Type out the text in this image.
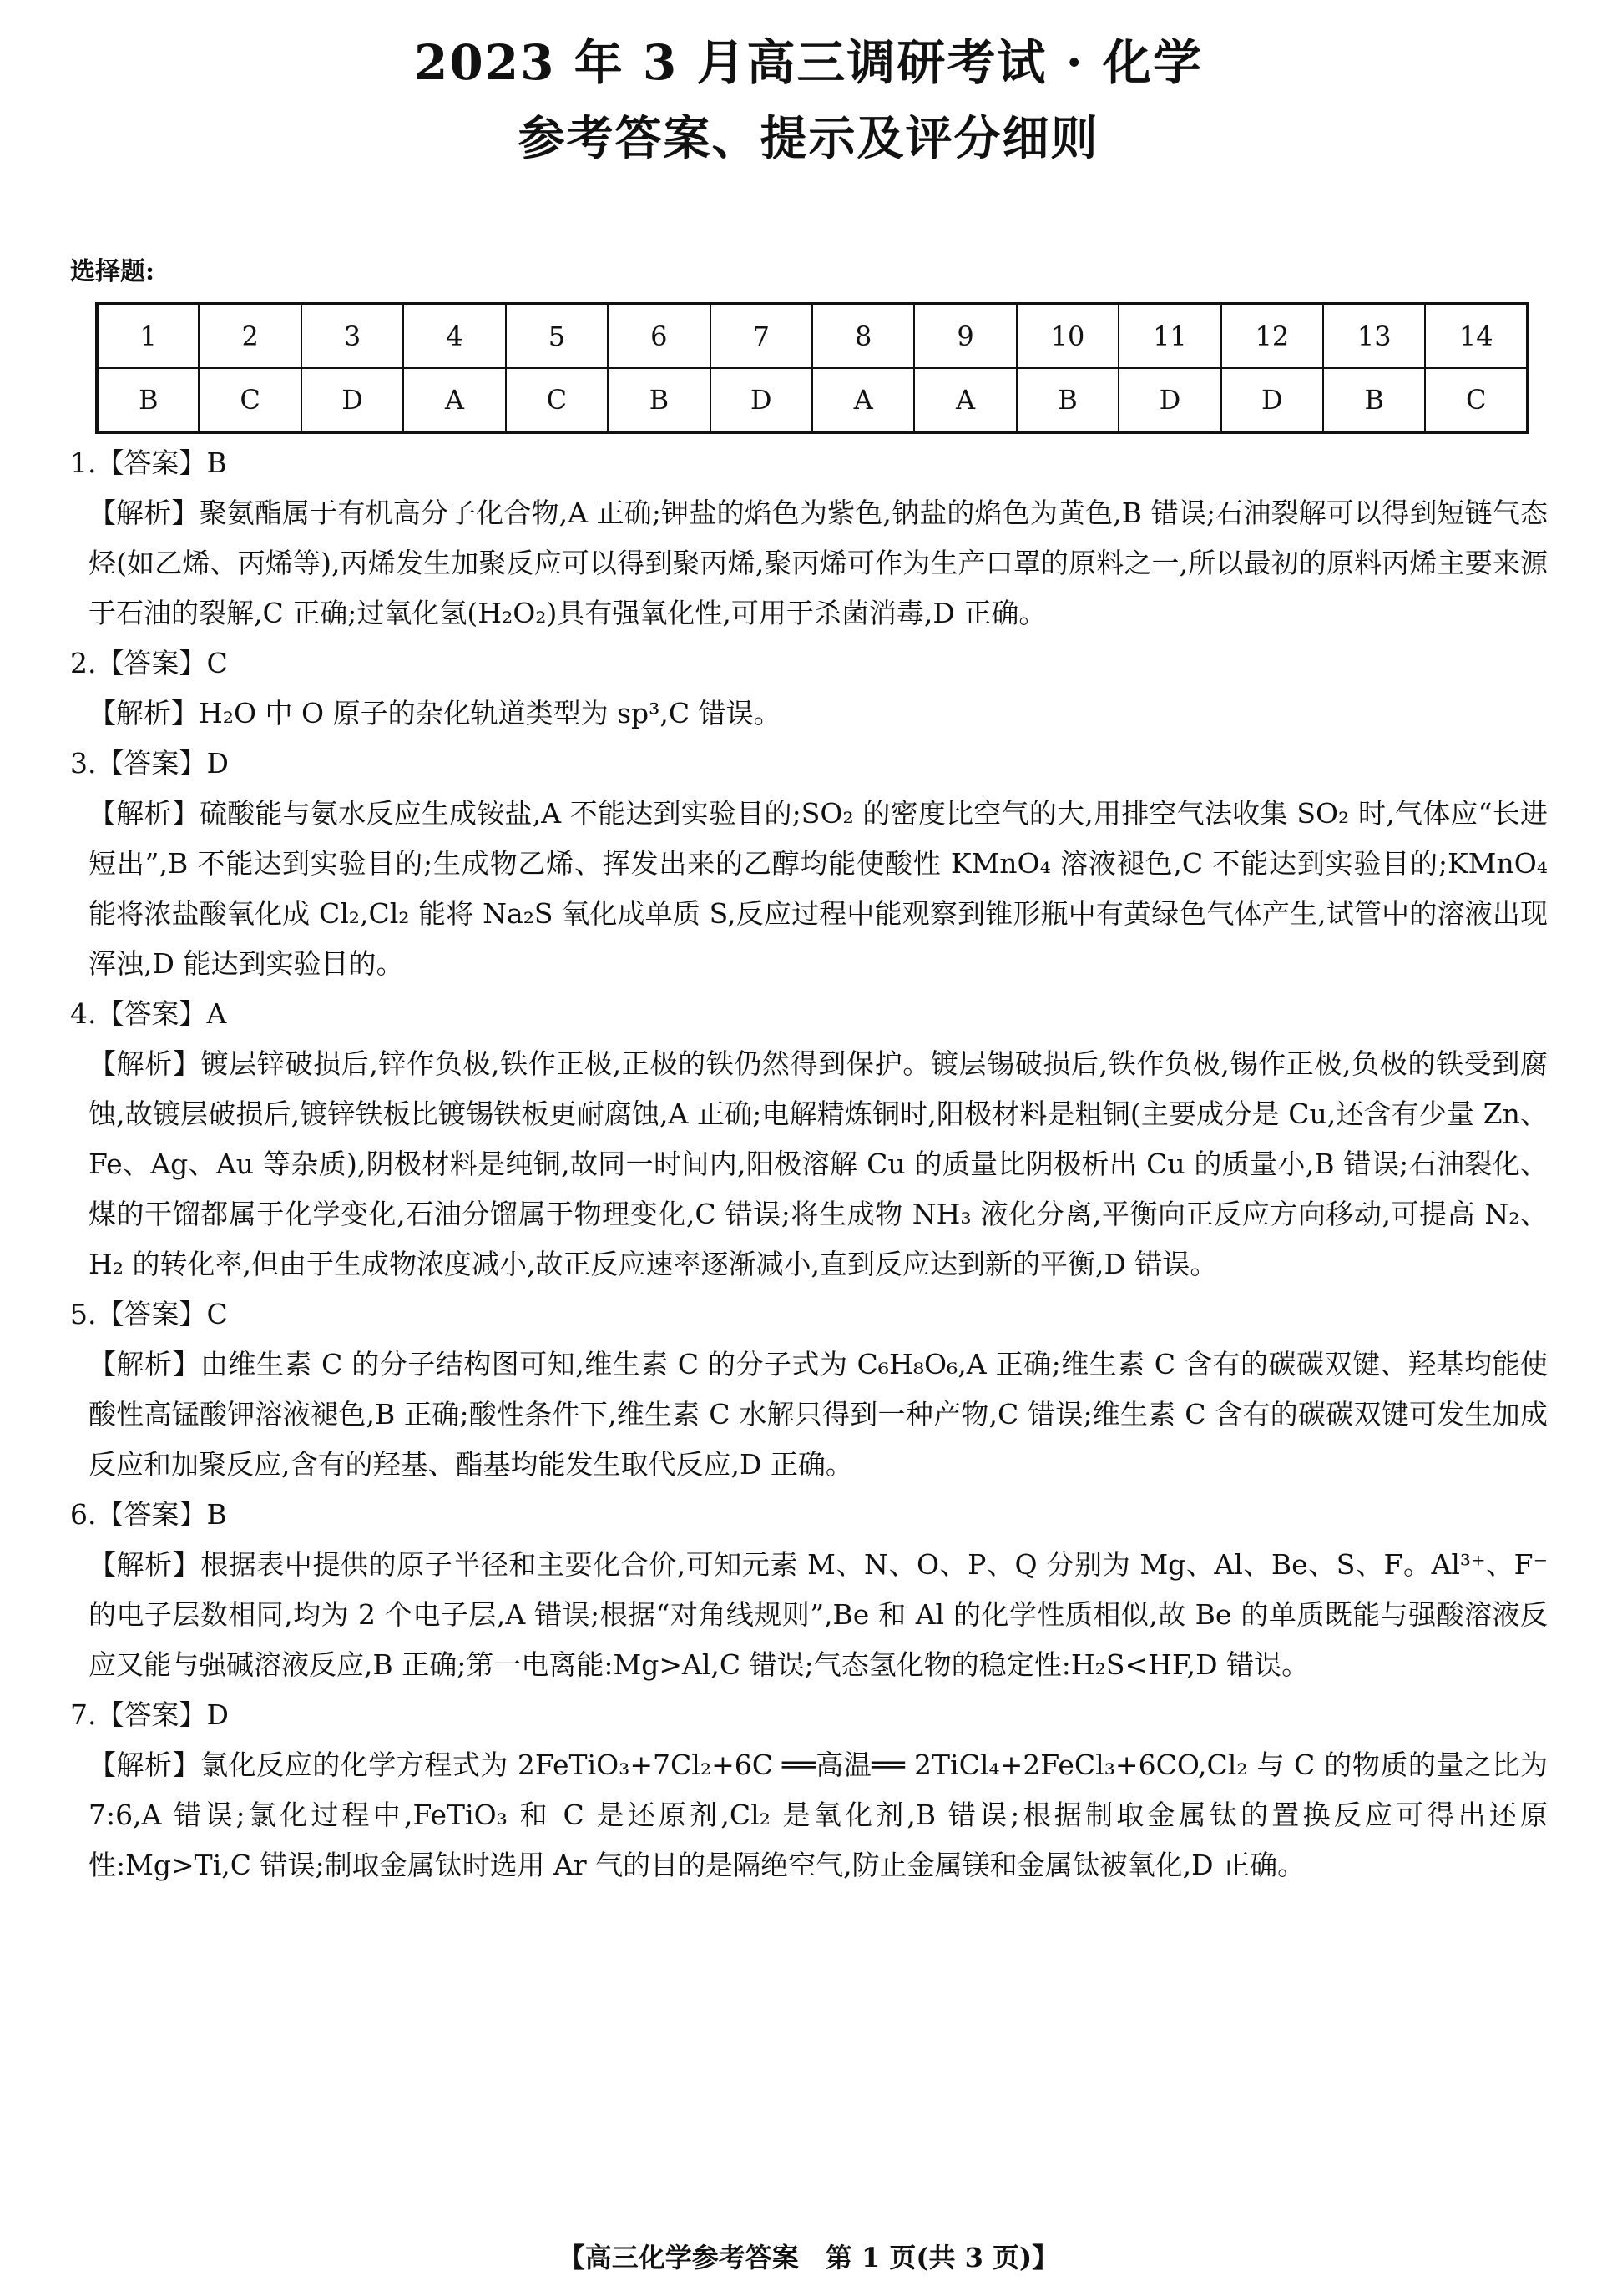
2023 年 3 月高三调研考试 · 化学
参考答案、提示及评分细则
选择题:
1	2	3	4	5	6	7	8	9	10	11	12	13	14
B	C	D	A	C	B	D	A	A	B	D	D	B	C

1.【答案】B

【解析】聚氨酯属于有机高分子化合物,A 正确;钾盐的焰色为紫色,钠盐的焰色为黄色,B 错误;石油裂解可以得到短链气态烃(如乙烯、丙烯等),丙烯发生加聚反应可以得到聚丙烯,聚丙烯可作为生产口罩的原料之一,所以最初的原料丙烯主要来源于石油的裂解,C 正确;过氧化氢(H₂O₂)具有强氧化性,可用于杀菌消毒,D 正确。

2.【答案】C

【解析】H₂O 中 O 原子的杂化轨道类型为 sp³,C 错误。

3.【答案】D

【解析】硫酸能与氨水反应生成铵盐,A 不能达到实验目的;SO₂ 的密度比空气的大,用排空气法收集 SO₂ 时,气体应“长进短出”,B 不能达到实验目的;生成物乙烯、挥发出来的乙醇均能使酸性 KMnO₄ 溶液褪色,C 不能达到实验目的;KMnO₄ 能将浓盐酸氧化成 Cl₂,Cl₂ 能将 Na₂S 氧化成单质 S,反应过程中能观察到锥形瓶中有黄绿色气体产生,试管中的溶液出现浑浊,D 能达到实验目的。

4.【答案】A

【解析】镀层锌破损后,锌作负极,铁作正极,正极的铁仍然得到保护。镀层锡破损后,铁作负极,锡作正极,负极的铁受到腐蚀,故镀层破损后,镀锌铁板比镀锡铁板更耐腐蚀,A 正确;电解精炼铜时,阳极材料是粗铜(主要成分是 Cu,还含有少量 Zn、Fe、Ag、Au 等杂质),阴极材料是纯铜,故同一时间内,阳极溶解 Cu 的质量比阴极析出 Cu 的质量小,B 错误;石油裂化、煤的干馏都属于化学变化,石油分馏属于物理变化,C 错误;将生成物 NH₃ 液化分离,平衡向正反应方向移动,可提高 N₂、H₂ 的转化率,但由于生成物浓度减小,故正反应速率逐渐减小,直到反应达到新的平衡,D 错误。

5.【答案】C

【解析】由维生素 C 的分子结构图可知,维生素 C 的分子式为 C₆H₈O₆,A 正确;维生素 C 含有的碳碳双键、羟基均能使酸性高锰酸钾溶液褪色,B 正确;酸性条件下,维生素 C 水解只得到一种产物,C 错误;维生素 C 含有的碳碳双键可发生加成反应和加聚反应,含有的羟基、酯基均能发生取代反应,D 正确。

6.【答案】B

【解析】根据表中提供的原子半径和主要化合价,可知元素 M、N、O、P、Q 分别为 Mg、Al、Be、S、F。Al³⁺、F⁻ 的电子层数相同,均为 2 个电子层,A 错误;根据“对角线规则”,Be 和 Al 的化学性质相似,故 Be 的单质既能与强酸溶液反应又能与强碱溶液反应,B 正确;第一电离能:Mg>Al,C 错误;气态氢化物的稳定性:H₂S<HF,D 错误。

7.【答案】D

【解析】氯化反应的化学方程式为 2FeTiO₃+7Cl₂+6C ══高温══ 2TiCl₄+2FeCl₃+6CO,Cl₂ 与 C 的物质的量之比为 7:6,A 错误;氯化过程中,FeTiO₃ 和 C 是还原剂,Cl₂ 是氧化剂,B 错误;根据制取金属钛的置换反应可得出还原性:Mg>Ti,C 错误;制取金属钛时选用 Ar 气的目的是隔绝空气,防止金属镁和金属钛被氧化,D 正确。

【高三化学参考答案　第 1 页(共 3 页)】
